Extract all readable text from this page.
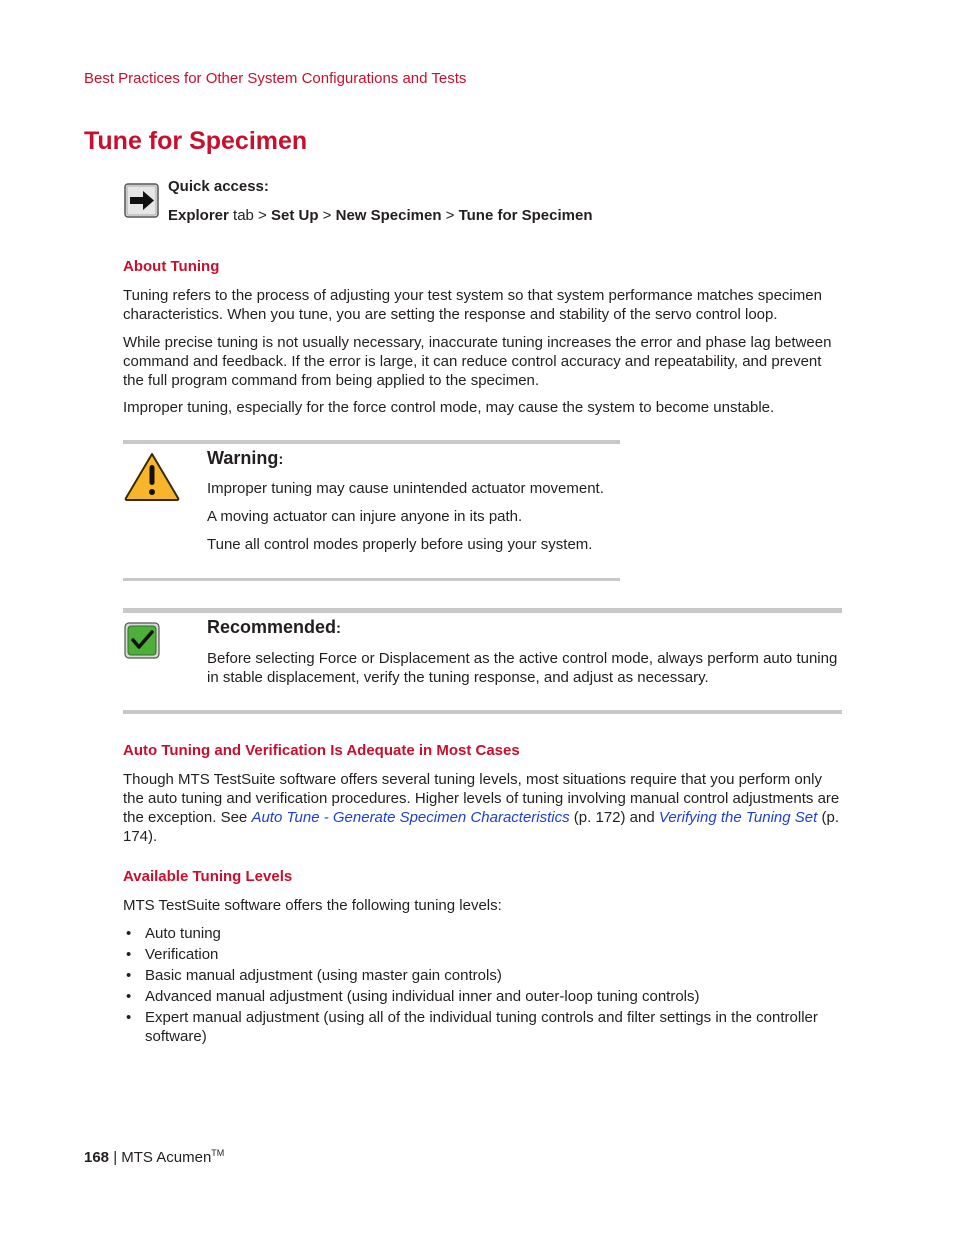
Best Practices for Other System Configurations and Tests
Tune for Specimen
Quick access:
Explorer tab > Set Up > New Specimen > Tune for Specimen
About Tuning

Tuning refers to the process of adjusting your test system so that system performance matches specimen characteristics. When you tune, you are setting the response and stability of the servo control loop.

While precise tuning is not usually necessary, inaccurate tuning increases the error and phase lag between command and feedback. If the error is large, it can reduce control accuracy and repeatability, and prevent the full program command from being applied to the specimen.

Improper tuning, especially for the force control mode, may cause the system to become unstable.

Warning:
Improper tuning may cause unintended actuator movement.
A moving actuator can injure anyone in its path.
Tune all control modes properly before using your system.
Recommended:

Before selecting Force or Displacement as the active control mode, always perform auto tuning in stable displacement, verify the tuning response, and adjust as necessary.

Auto Tuning and Verification Is Adequate in Most Cases

Though MTS TestSuite software offers several tuning levels, most situations require that you perform only the auto tuning and verification procedures. Higher levels of tuning involving manual control adjustments are the exception. See Auto Tune - Generate Specimen Characteristics (p. 172) and Verifying the Tuning Set (p. 174).

Available Tuning Levels

MTS TestSuite software offers the following tuning levels:

• Auto tuning
• Verification
• Basic manual adjustment (using master gain controls)
• Advanced manual adjustment (using individual inner and outer-loop tuning controls)
• Expert manual adjustment (using all of the individual tuning controls and filter settings in the controller software)
168 | MTS Acumen™
